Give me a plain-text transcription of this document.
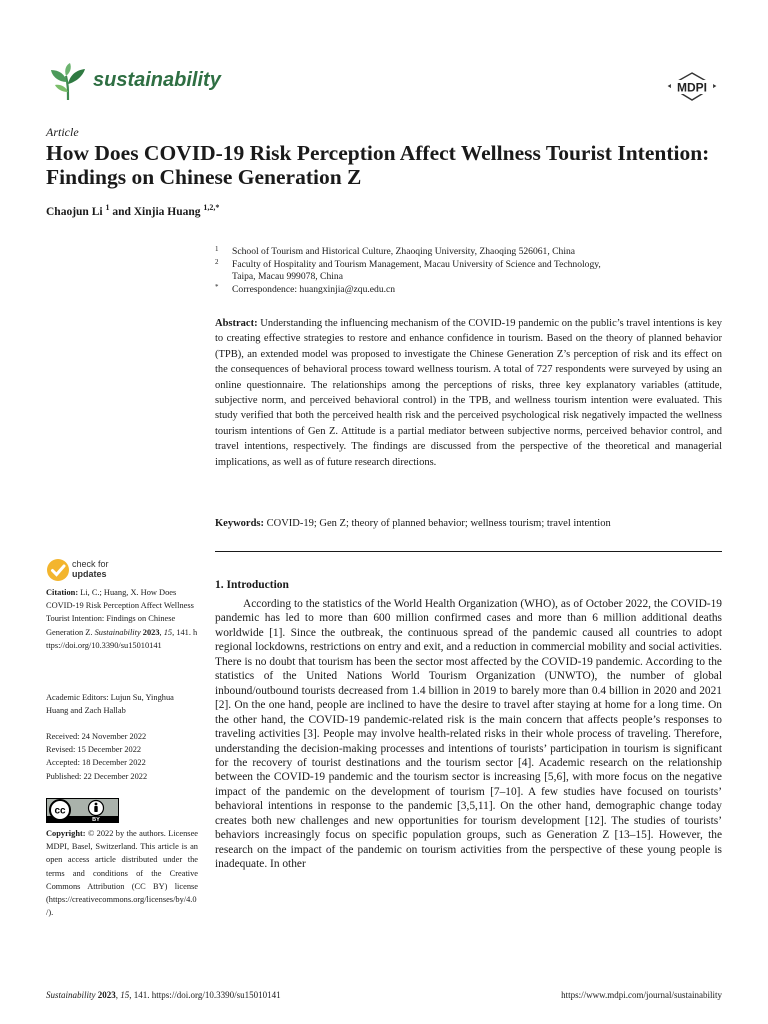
sustainability	MDPI
Article
How Does COVID-19 Risk Perception Affect Wellness Tourist Intention: Findings on Chinese Generation Z
Chaojun Li $^1$ and Xinjia Huang $^{1,2,*}$
1 School of Tourism and Historical Culture, Zhaoqing University, Zhaoqing 526061, China
2 Faculty of Hospitality and Tourism Management, Macau University of Science and Technology,
Taipa, Macau 999078, China
* Correspondence: huangxinjia@zqu.edu.cn
Abstract: Understanding the influencing mechanism of the COVID-19 pandemic on the public’s travel intentions is key to creating effective strategies to restore and enhance confidence in tourism. Based on the theory of planned behavior (TPB), an extended model was proposed to investigate the Chinese Generation Z’s perception of risk and its effect on the consequences of behavioral process toward wellness tourism. A total of 727 respondents were surveyed by using an online questionnaire. The relationships among the perceptions of risks, three key explanatory variables (attitude, subjective norm, and perceived behavioral control) in the TPB, and wellness tourism intention were evaluated. This study verified that both the perceived health risk and the perceived psychological risk negatively impacted the wellness tourism intentions of Gen Z. Attitude is a partial mediator between subjective norms, perceived behavior control, and travel intentions, respectively. The findings are discussed from the perspective of the theoretical and managerial implications, as well as of future research directions.
Keywords: COVID-19; Gen Z; theory of planned behavior; wellness tourism; travel intention
check for
updates
Citation: Li, C.; Huang, X. How Does COVID-19 Risk Perception Affect Wellness Tourist Intention: Findings on Chinese Generation Z. Sustainability 2023, 15, 141. https://doi.org/10.3390/su15010141
Academic Editors: Lujun Su, Yinghua Huang and Zach Hallab
Received: 24 November 2022
Revised: 15 December 2022
Accepted: 18 December 2022
Published: 22 December 2022
cc
BY
Copyright: © 2022 by the authors. Licensee MDPI, Basel, Switzerland. This article is an open access article distributed under the terms and conditions of the Creative Commons Attribution (CC BY) license (https://creativecommons.org/licenses/by/4.0/).
1. Introduction
According to the statistics of the World Health Organization (WHO), as of October 2022, the COVID-19 pandemic has led to more than 600 million confirmed cases and more than 6 million additional deaths worldwide [1]. Since the outbreak, the continuous spread of the pandemic caused all countries to adopt regional lockdowns, restrictions on entry and exit, and a reduction in commercial mobility and social activities. There is no doubt that tourism has been the sector most affected by the COVID-19 pandemic. According to the statistics of the United Nations World Tourism Organization (UNWTO), the number of global inbound/outbound tourists decreased from 1.4 billion in 2019 to barely more than 0.4 billion in 2020 and 2021 [2]. On the one hand, people are inclined to have the desire to travel after staying at home for a long time. On the other hand, the COVID-19 pandemic-related risk is the main concern that affects people’s responses to traveling activities [3]. People may involve health-related risks in their whole process of traveling. Therefore, understanding the decision-making processes and intentions of tourists’ participation in tourism is significant for the recovery of tourist destinations and the tourism sector [4]. Academic research on the relationship between the COVID-19 pandemic and the tourism sector is increasing [5,6], with more focus on the negative impact of the pandemic on the development of tourism [7–10]. A few studies have focused on tourists’ behavioral intentions in response to the pandemic [3,5,11]. On the other hand, demographic change today creates both new challenges and new opportunities for tourism development [12]. The studies of tourists’ behaviors increasingly focus on specific population groups, such as Generation Z [13–15]. However, the research on the impact of the pandemic on tourism activities from the perspective of these young people is inadequate. In other
Sustainability 2023, 15, 141. https://doi.org/10.3390/su15010141	https://www.mdpi.com/journal/sustainability
